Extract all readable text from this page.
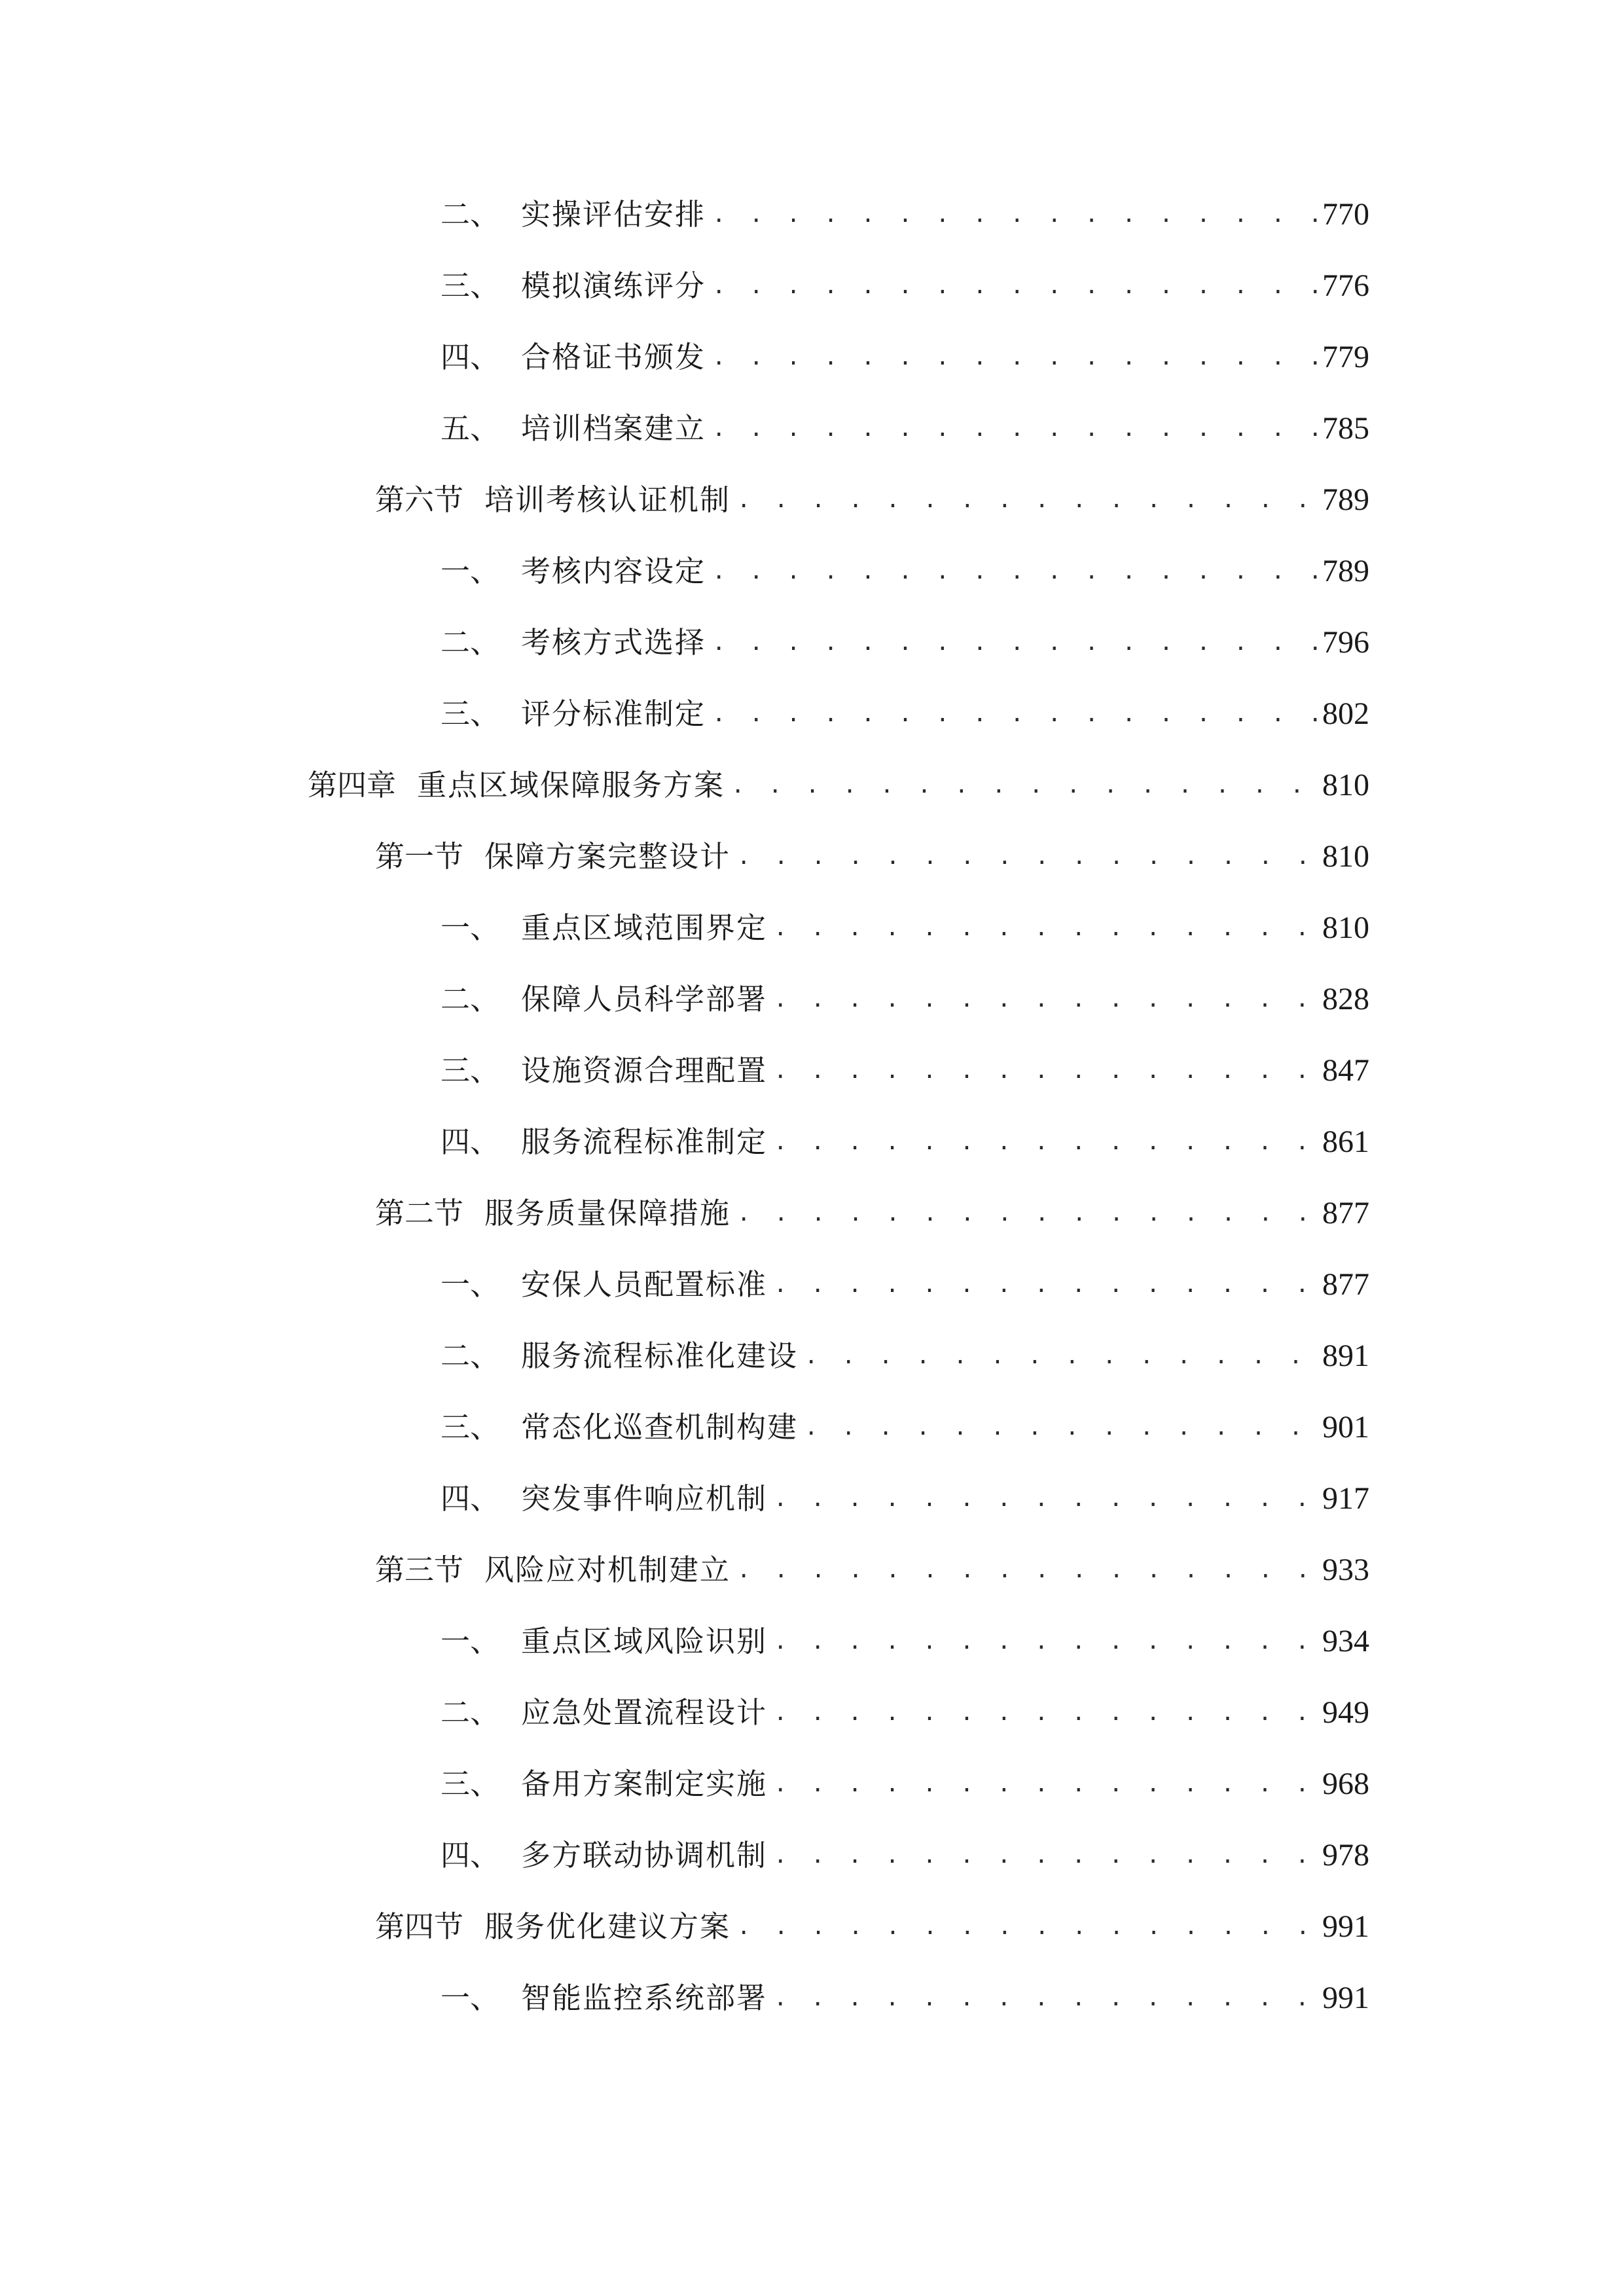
二、 实操评估安排 . . .	770
三、 模拟演练评分 . . .	776
四、 合格证书颁发 . . .	779
五、 培训档案建立 . . .	785
第六节 培训考核认证机制 . . .	789
一、 考核内容设定 . . .	789
二、 考核方式选择 . . .	796
三、 评分标准制定 . . .	802
第四章 重点区域保障服务方案 . . .	810
第一节 保障方案完整设计 . . .	810
一、 重点区域范围界定 . . .	810
二、 保障人员科学部署 . . .	828
三、 设施资源合理配置 . . .	847
四、 服务流程标准制定 . . .	861
第二节 服务质量保障措施 . . .	877
一、 安保人员配置标准 . . .	877
二、 服务流程标准化建设 . . .	891
三、 常态化巡查机制构建 . . .	901
四、 突发事件响应机制 . . .	917
第三节 风险应对机制建立 . . .	933
一、 重点区域风险识别 . . .	934
二、 应急处置流程设计 . . .	949
三、 备用方案制定实施 . . .	968
四、 多方联动协调机制 . . .	978
第四节 服务优化建议方案 . . .	991
一、 智能监控系统部署 . . .	991
